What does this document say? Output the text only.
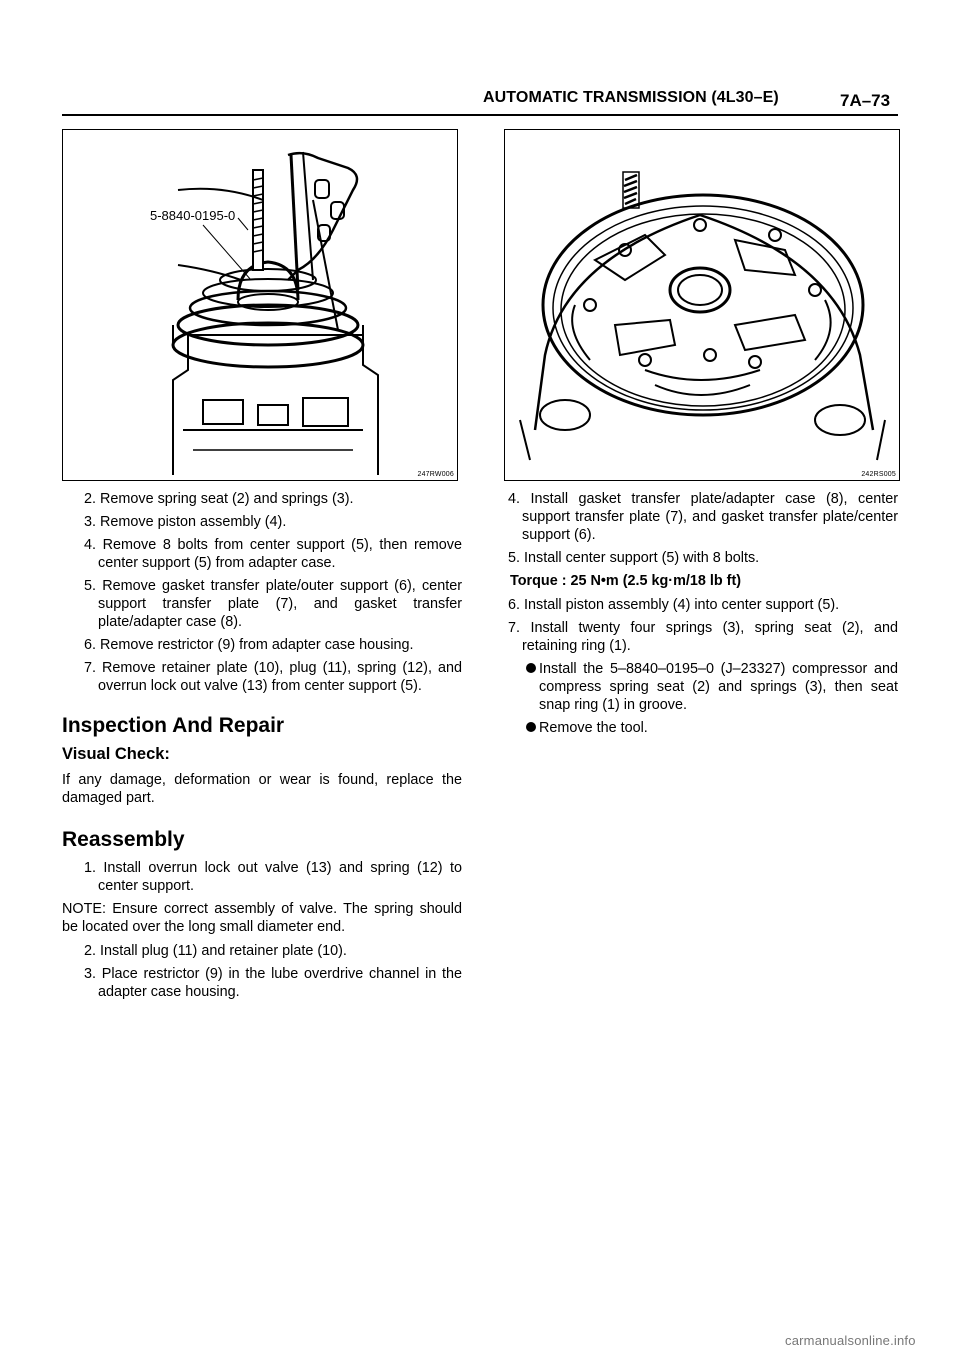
AUTOMATIC TRANSMISSION (4L30–E)	7A–73
5-8840-0195-0
247RW006	242RS005

2. Remove spring seat (2) and springs (3).

3. Remove piston assembly (4).

4. Remove 8 bolts from center support (5), then remove center support (5) from adapter case.

5. Remove gasket transfer plate/outer support (6), center support transfer plate (7), and gasket transfer plate/adapter case (8).

6. Remove restrictor (9) from adapter case housing.

7. Remove retainer plate (10), plug (11), spring (12), and overrun lock out valve (13) from center support (5).

Inspection And Repair
Visual Check:

If any damage, deformation or wear is found, replace the damaged part.

Reassembly

1. Install overrun lock out valve (13) and spring (12) to center support.

NOTE: Ensure correct assembly of valve. The spring should be located over the long small diameter end.

2. Install plug (11) and retainer plate (10).

3. Place restrictor (9) in the lube overdrive channel in the adapter case housing.

4. Install gasket transfer plate/adapter case (8), center support transfer plate (7), and gasket transfer plate/center support (6).

5. Install center support (5) with 8 bolts.

Torque : 25 N•m (2.5 kg·m/18 lb ft)

6. Install piston assembly (4) into center support (5).

7. Install twenty four springs (3), spring seat (2), and retaining ring (1).

Install the 5–8840–0195–0 (J–23327) compressor and compress spring seat (2) and springs (3), then seat snap ring (1) in groove.

Remove the tool.

carmanualsonline.info
